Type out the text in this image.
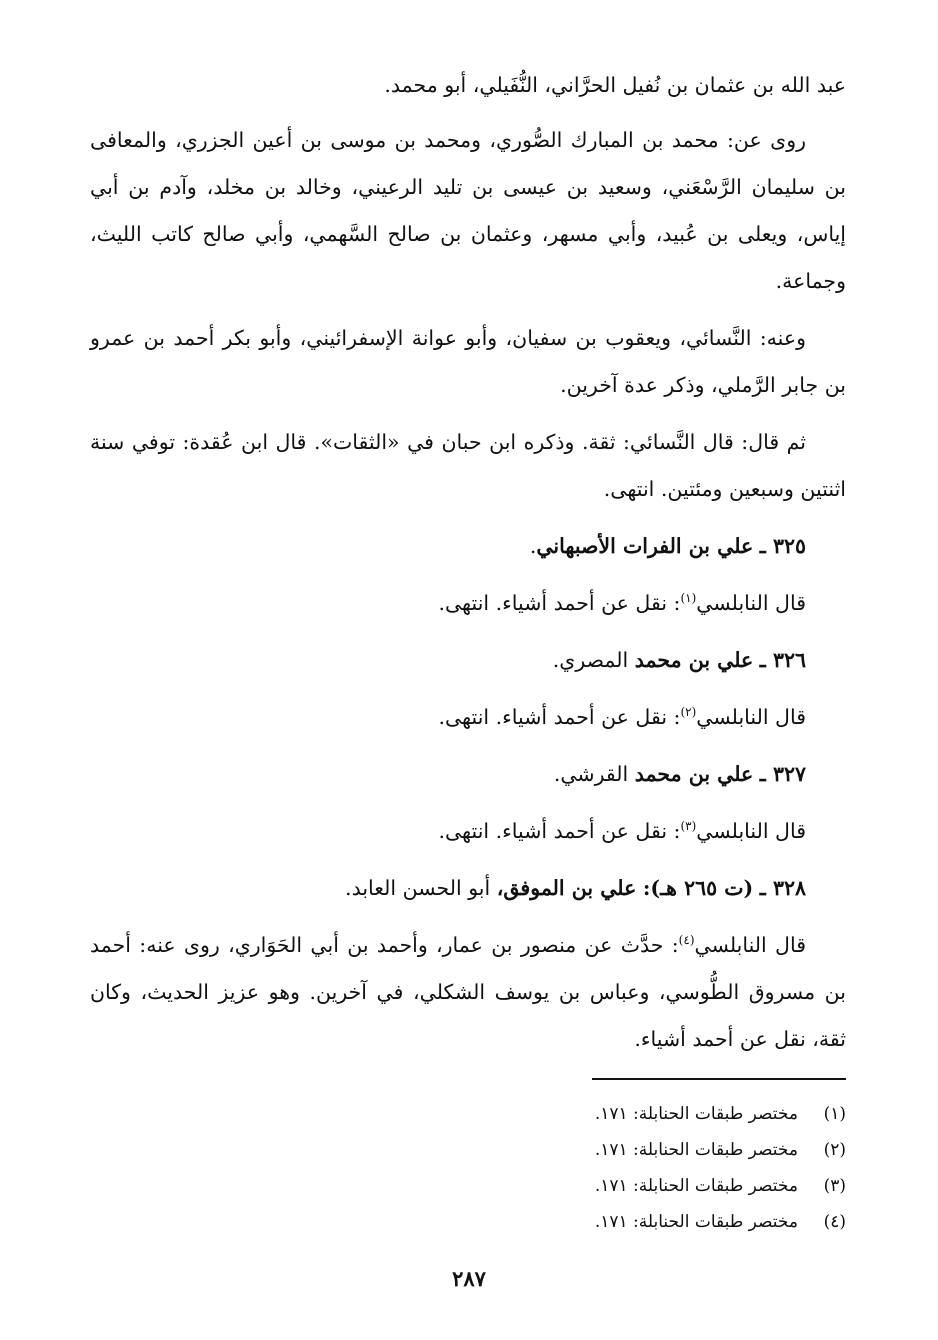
عبد الله بن عثمان بن نُفيل الحرَّاني، النُّفَيلي، أبو محمد.

روى عن: محمد بن المبارك الصُّوري، ومحمد بن موسى بن أعين الجزري، والمعافى بن سليمان الرَّسْعَني، وسعيد بن عيسى بن تليد الرعيني، وخالد بن مخلد، وآدم بن أبي إياس، ويعلى بن عُبيد، وأبي مسهر، وعثمان بن صالح السَّهمي، وأبي صالح كاتب الليث، وجماعة.

وعنه: النَّسائي، ويعقوب بن سفيان، وأبو عوانة الإسفرائيني، وأبو بكر أحمد بن عمرو بن جابر الرَّملي، وذكر عدة آخرين.

ثم قال: قال النَّسائي: ثقة. وذكره ابن حبان في «الثقات». قال ابن عُقدة: توفي سنة اثنتين وسبعين ومئتين. انتهى.

٣٢٥ ـ علي بن الفرات الأصبهاني.

قال النابلسي$^{(١)}$: نقل عن أحمد أشياء. انتهى.

٣٢٦ ـ علي بن محمد المصري.

قال النابلسي$^{(٢)}$: نقل عن أحمد أشياء. انتهى.

٣٢٧ ـ علي بن محمد القرشي.

قال النابلسي$^{(٣)}$: نقل عن أحمد أشياء. انتهى.

٣٢٨ ـ (ت ٢٦٥ هـ): علي بن الموفق، أبو الحسن العابد.

قال النابلسي$^{(٤)}$: حدَّث عن منصور بن عمار، وأحمد بن أبي الحَوَاري، روى عنه: أحمد بن مسروق الطُّوسي، وعباس بن يوسف الشكلي، في آخرين. وهو عزيز الحديث، وكان ثقة، نقل عن أحمد أشياء.

(١)
مختصر طبقات الحنابلة: ١٧١.
(٢)
مختصر طبقات الحنابلة: ١٧١.
(٣)
مختصر طبقات الحنابلة: ١٧١.
(٤)
مختصر طبقات الحنابلة: ١٧١.
٢٨٧
